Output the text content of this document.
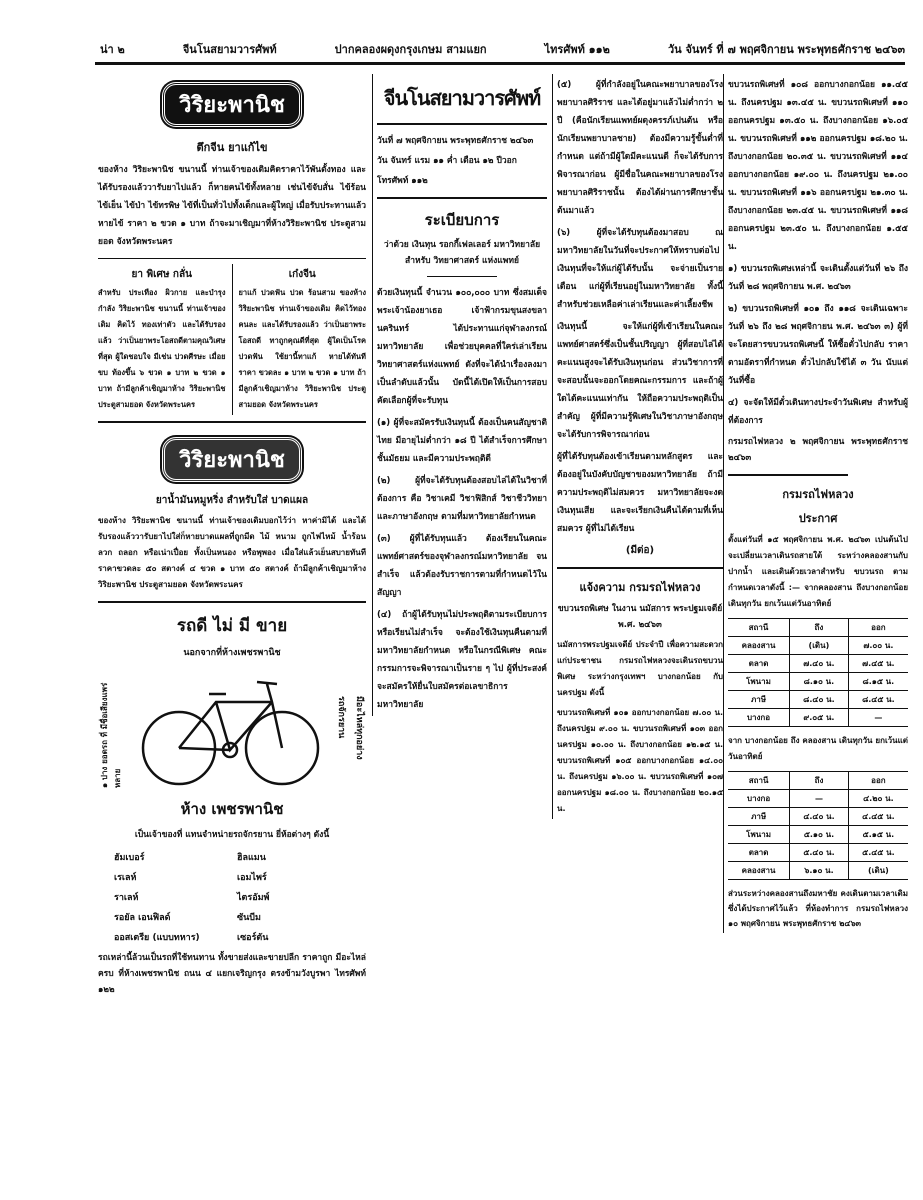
น่า ๒	จีนโนสยามวารศัพท์	ปากคลองผดุงกรุงเกษม สามแยก	ไทรศัพท์ ๑๑๒	วัน จันทร์ ที่ ๗ พฤศจิกายน พระพุทธศักราช ๒๔๖๓
วิริยะพานิช
ตึกจีน ยาแก้ไข
ของห้าง วิริยะพานิช ขนานนี้ ท่านเจ้าของเดิมคิดราคาไว้พันตั้งทอง และได้รับรองแล้ววารับยาไปแล้ว ก็หายคนไข้ทั้งหลาย เช่นไข้จับสั่น ไข้ร้อน ไข้เย็น ไข้ป่า ไข้ทรพิษ ไข้ที่เป็นทั่วไปทั้งเด็กและผู้ใหญ่ เมื่อรับประทานแล้วหายไข้ ราคา ๒ ขวด ๑ บาท ถ้าจะมาเชิญมาที่ห้างวิริยะพานิช ประตูสามยอด จังหวัดพระนคร
ยา พิเศษ กลั่น
สำหรับ ประเทือง ผิวกาย และบำรุงกำลัง วิริยะพานิช ขนานนี้ ท่านเจ้าของเดิม คิดไว้ ทองเท่าตัว และได้รับรองแล้ว ว่าเป็นยาพระโอสถดีตามคุณวิเศษ ที่สุด ผู้ใดชอบใจ มีเช่น ปวดศีรษะ เมื่อยขบ ท้องขึ้น ๖ ขวด ๑ บาท ๒ ขวด ๑ บาท ถ้ามีลูกค้าเชิญมาห้าง วิริยะพานิช ประตูสามยอด จังหวัดพระนคร
เก๋งจีน
ยาแก้ ปวดฟัน ปวด ร้อนสาม ของห้างวิริยะพานิช ท่านเจ้าของเดิม คิดไว้ทองคนละ และได้รับรองแล้ว ว่าเป็นยาพระโอสถดี ทาถูกคุณดีที่สุด ผู้ใดเป็นโรคปวดฟัน ใช้ยานี้ทาแก้ หายได้ทันที ราคา ขวดละ ๑ บาท ๒ ขวด ๑ บาท ถ้ามีลูกค้าเชิญมาห้าง วิริยะพานิช ประตูสามยอด จังหวัดพระนคร
วิริยะพานิช
ยาน้ำมันหมูหริ่ง สำหรับใส่ บาดแผล
ของห้าง วิริยะพานิช ขนานนี้ ท่านเจ้าของเดิมบอกไว้ว่า หาค่ามิได้ และได้รับรองแล้ววารับยาไปใส่ก็หายบาดแผลที่ถูกมีด ไม้ หนาม ถูกไฟไหม้ น้ำร้อนลวก ถลอก หรือเน่าเปื่อย ทั้งเป็นหนอง หรือพุพอง เมื่อใส่แล้วเย็นสบายทันที ราคาขวดละ ๕๐ สตางค์ ๔ ขวด ๑ บาท ๕๐ สตางค์ ถ้ามีลูกค้าเชิญมาห้างวิริยะพานิช ประตูสามยอด จังหวัดพระนคร
รถดี ไม่ มี ขาย
นอกจากที่ห้างเพชรพานิช
๑ ปาง ยอดรถ ที่ มีชื่อเสียงแพร่หลาย
รถจักรยาน มีอะไหล่ทุกอย่าง
ห้าง เพชรพานิช
เป็นเจ้าของที่ แทนจำหน่ายรถจักรยาน ยี่ห้อต่างๆ ดังนี้
ฮัมเบอร์	ฮิลแมน
เรเลห์	เอมไพร์
ราเลห์	ไตรอัมพ์
รอยัล เอนฟิลด์	ซันบีม
ออสเตรีย (แบบทหาร)	เซอร์ตัน
รถเหล่านี้ล้วนเป็นรถที่ใช้ทนทาน ทั้งขายส่งและขายปลีก ราคาถูก มีอะไหล่ครบ ที่ห้างเพชรพานิช ถนน ๔ แยกเจริญกรุง ตรงข้ามวังบูรพา ไทรศัพท์ ๑๒๒
จีนโนสยามวารศัพท์
วันที่ ๗ พฤศจิกายน พระพุทธศักราช ๒๔๖๓
วัน จันทร์ แรม ๑๑ ค่ำ เดือน ๑๒ ปีวอก
โทรศัพท์ ๑๑๒
ระเบียบการ
ว่าด้วย เงินทุน รอกกี้เฟลเลอร์ มหาวิทยาลัย สำหรับ วิทยาศาสตร์ แห่งแพทย์
ด้วยเงินทุนนี้ จำนวน ๑๐๐,๐๐๐ บาท ซึ่งสมเด็จพระเจ้าน้องยาเธอ เจ้าฟ้ากรมขุนสงขลานครินทร์ ได้ประทานแก่จุฬาลงกรณ์มหาวิทยาลัย เพื่อช่วยบุคคลที่ใคร่เล่าเรียนวิทยาศาสตร์แห่งแพทย์ ดังที่จะได้นำเรื่องลงมาเป็นลำดับแล้วนั้น บัดนี้ได้เปิดให้เป็นการสอบคัดเลือกผู้ที่จะรับทุน
(๑) ผู้ที่จะสมัครรับเงินทุนนี้ ต้องเป็นคนสัญชาติไทย มีอายุไม่ต่ำกว่า ๑๘ ปี ได้สำเร็จการศึกษาชั้นมัธยม และมีความประพฤติดี
(๒) ผู้ที่จะได้รับทุนต้องสอบไล่ได้ในวิชาที่ต้องการ คือ วิชาเคมี วิชาฟิสิกส์ วิชาชีววิทยา และภาษาอังกฤษ ตามที่มหาวิทยาลัยกำหนด
(๓) ผู้ที่ได้รับทุนแล้ว ต้องเรียนในคณะแพทย์ศาสตร์ของจุฬาลงกรณ์มหาวิทยาลัย จนสำเร็จ แล้วต้องรับราชการตามที่กำหนดไว้ในสัญญา
(๔) ถ้าผู้ได้รับทุนไม่ประพฤติตามระเบียบการ หรือเรียนไม่สำเร็จ จะต้องใช้เงินทุนคืนตามที่มหาวิทยาลัยกำหนด หรือในกรณีพิเศษ คณะกรรมการจะพิจารณาเป็นราย ๆ ไป ผู้ที่ประสงค์จะสมัครให้ยื่นใบสมัครต่อเลขาธิการมหาวิทยาลัย
(๕) ผู้ที่กำลังอยู่ในคณะพยาบาลของโรงพยาบาลศิริราช และได้อยู่มาแล้วไม่ต่ำกว่า ๒ ปี (คือนักเรียนแพทย์ผดุงครรภ์เปนต้น หรือนักเรียนพยาบาลชาย) ต้องมีความรู้ขั้นต่ำที่กำหนด แต่ถ้ามีผู้ใดมีคะแนนดี ก็จะได้รับการพิจารณาก่อน ผู้มีชื่อในคณะพยาบาลของโรงพยาบาลศิริราชนั้น ต้องได้ผ่านการศึกษาชั้นต้นมาแล้ว
(๖) ผู้ที่จะได้รับทุนต้องมาสอบ ณ มหาวิทยาลัยในวันที่จะประกาศให้ทราบต่อไป เงินทุนที่จะให้แก่ผู้ได้รับนั้น จะจ่ายเป็นรายเดือน แก่ผู้ที่เรียนอยู่ในมหาวิทยาลัย ทั้งนี้สำหรับช่วยเหลือค่าเล่าเรียนและค่าเลี้ยงชีพ
เงินทุนนี้ จะให้แก่ผู้ที่เข้าเรียนในคณะแพทย์ศาสตร์ซึ่งเป็นชั้นปริญญา ผู้ที่สอบไล่ได้คะแนนสูงจะได้รับเงินทุนก่อน ส่วนวิชาการที่จะสอบนั้นจะออกโดยคณะกรรมการ และถ้าผู้ใดได้คะแนนเท่ากัน ให้ถือความประพฤติเป็นสำคัญ ผู้ที่มีความรู้พิเศษในวิชาภาษาอังกฤษ จะได้รับการพิจารณาก่อน
ผู้ที่ได้รับทุนต้องเข้าเรียนตามหลักสูตร และต้องอยู่ในบังคับบัญชาของมหาวิทยาลัย ถ้ามีความประพฤติไม่สมควร มหาวิทยาลัยจะงดเงินทุนเสีย และจะเรียกเงินคืนได้ตามที่เห็นสมควร ผู้ที่ไม่ได้เรียน
(มีต่อ)
แจ้งความ กรมรถไฟหลวง
ขบวนรถพิเศษ ในงาน นมัสการ พระปฐมเจดีย์ พ.ศ. ๒๔๖๓
นมัสการพระปฐมเจดีย์ ประจำปี เพื่อความสะดวกแก่ประชาชน กรมรถไฟหลวงจะเดินรถขบวนพิเศษ ระหว่างกรุงเทพฯ บางกอกน้อย กับ นครปฐม ดังนี้
ขบวนรถพิเศษที่ ๑๐๑ ออกบางกอกน้อย ๗.๐๐ น. ถึงนครปฐม ๙.๐๐ น. ขบวนรถพิเศษที่ ๑๐๓ ออกนครปฐม ๑๐.๐๐ น. ถึงบางกอกน้อย ๑๒.๑๕ น. ขบวนรถพิเศษที่ ๑๐๕ ออกบางกอกน้อย ๑๔.๐๐ น. ถึงนครปฐม ๑๖.๐๐ น. ขบวนรถพิเศษที่ ๑๐๗ ออกนครปฐม ๑๘.๐๐ น. ถึงบางกอกน้อย ๒๐.๑๕ น.
ขบวนรถพิเศษที่ ๑๐๘ ออกบางกอกน้อย ๑๑.๔๕ น. ถึงนครปฐม ๑๓.๔๕ น. ขบวนรถพิเศษที่ ๑๑๐ ออกนครปฐม ๑๓.๕๐ น. ถึงบางกอกน้อย ๑๖.๐๕ น. ขบวนรถพิเศษที่ ๑๑๒ ออกนครปฐม ๑๘.๒๐ น. ถึงบางกอกน้อย ๒๐.๓๕ น. ขบวนรถพิเศษที่ ๑๑๔ ออกบางกอกน้อย ๑๙.๐๐ น. ถึงนครปฐม ๒๑.๐๐ น. ขบวนรถพิเศษที่ ๑๑๖ ออกนครปฐม ๒๑.๓๐ น. ถึงบางกอกน้อย ๒๓.๔๕ น. ขบวนรถพิเศษที่ ๑๑๘ ออกนครปฐม ๒๓.๕๐ น. ถึงบางกอกน้อย ๑.๕๕ น.
๑) ขบวนรถพิเศษเหล่านี้ จะเดินตั้งแต่วันที่ ๒๖ ถึงวันที่ ๒๘ พฤศจิกายน พ.ศ. ๒๔๖๓
๒) ขบวนรถพิเศษที่ ๑๐๑ ถึง ๑๑๘ จะเดินเฉพาะวันที่ ๒๖ ถึง ๒๘ พฤศจิกายน พ.ศ. ๒๔๖๓ ๓) ผู้ที่จะโดยสารขบวนรถพิเศษนี้ ให้ซื้อตั๋วไปกลับ ราคาตามอัตราที่กำหนด ตั๋วไปกลับใช้ได้ ๓ วัน นับแต่วันที่ซื้อ
๔) จะจัดให้มีตั๋วเดินทางประจำวันพิเศษ สำหรับผู้ที่ต้องการ
กรมรถไฟหลวง ๒ พฤศจิกายน พระพุทธศักราช ๒๔๖๓
กรมรถไฟหลวง
ประกาศ
ตั้งแต่วันที่ ๑๕ พฤศจิกายน พ.ศ. ๒๔๖๓ เปนต้นไป จะเปลี่ยนเวลาเดินรถสายใต้ ระหว่างคลองสานกับปากน้ำ และเดินด้วยเวลาสำหรับ ขบวนรถ ตามกำหนดเวลาดังนี้ :— จากคลองสาน ถึงบางกอกน้อย เดินทุกวัน ยกเว้นแต่วันอาทิตย์
สถานี	ถึง	ออก
คลองสาน	(เดิน)	๗.๐๐ น.
ตลาด	๗.๔๐ น.	๗.๔๕ น.
โพนาม	๘.๑๐ น.	๘.๑๕ น.
ภาษี	๘.๔๐ น.	๘.๔๕ น.
บางกอ	๙.๐๕ น.	—
จาก บางกอกน้อย ถึง คลองสาน เดินทุกวัน ยกเว้นแต่วันอาทิตย์
สถานี	ถึง	ออก
บางกอ	—	๔.๒๐ น.
ภาษี	๔.๔๐ น.	๔.๔๕ น.
โพนาม	๕.๑๐ น.	๕.๑๕ น.
ตลาด	๕.๔๐ น.	๕.๔๕ น.
คลองสาน	๖.๑๐ น.	(เดิน)
ส่วนระหว่างคลองสานถึงมหาชัย คงเดินตามเวลาเดิม ซึ่งได้ประกาศไว้แล้ว ที่ห้องทำการ กรมรถไฟหลวง ๑๐ พฤศจิกายน พระพุทธศักราช ๒๔๖๓
